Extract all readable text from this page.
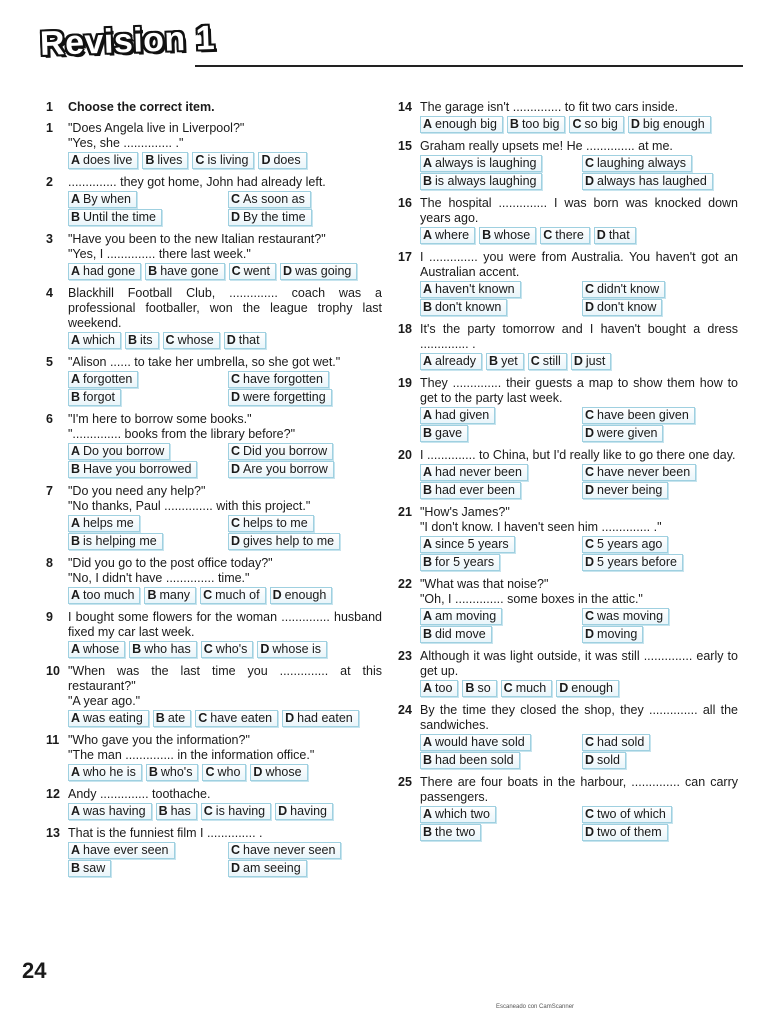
Revision 1
1	Choose the correct item.
1	"Does Angela live in Liverpool?"
"Yes, she .............. ."
A does live	B lives	C is living	D does
2	.............. they got home, John had already left.
A By when	C As soon as
B Until the time	D By the time
3	"Have you been to the new Italian restaurant?"
"Yes, I .............. there last week."
A had gone	B have gone	C went	D was going
4	Blackhill Football Club, .............. coach was a professional footballer, won the league trophy last weekend.
A which	B its	C whose	D that
5	"Alison ...... to take her umbrella, so she got wet."
A forgotten	C have forgotten
B forgot	D were forgetting
6	"I'm here to borrow some books."
".............. books from the library before?"
A Do you borrow	C Did you borrow
B Have you borrowed	D Are you borrow
7	"Do you need any help?"
"No thanks, Paul .............. with this project."
A helps me	C helps to me
B is helping me	D gives help to me
8	"Did you go to the post office today?"
"No, I didn't have .............. time."
A too much	B many	C much of	D enough
9	I bought some flowers for the woman .............. husband fixed my car last week.
A whose	B who has	C who's	D whose is
10 "When was the last time you .............. at this restaurant?"
"A year ago."
A was eating	B ate	C have eaten	D had eaten
11 "Who gave you the information?"
"The man .............. in the information office."
A who he is	B who's	C who	D whose
12 Andy .............. toothache.
A was having	B has	C is having	D having
13 That is the funniest film I .............. .
A have ever seen	C have never seen
B saw	D am seeing
14 The garage isn't .............. to fit two cars inside.
A enough big	B too big	C so big	D big enough
15 Graham really upsets me! He .............. at me.
A always is laughing	C laughing always
B is always laughing	D always has laughed
16 The hospital .............. I was born was knocked down years ago.
A where	B whose	C there	D that
17 I .............. you were from Australia. You haven't got an Australian accent.
A haven't known	C didn't know
B don't known	D don't know
18 It's the party tomorrow and I haven't bought a dress .............. .
A already	B yet	C still	D just
19 They .............. their guests a map to show them how to get to the party last week.
A had given	C have been given
B gave	D were given
20 I .............. to China, but I'd really like to go there one day.
A had never been	C have never been
B had ever been	D never being
21 "How's James?"
"I don't know. I haven't seen him .............. ."
A since 5 years	C 5 years ago
B for 5 years	D 5 years before
22 "What was that noise?"
"Oh, I .............. some boxes in the attic."
A am moving	C was moving
B did move	D moving
23 Although it was light outside, it was still .............. early to get up.
A too	B so	C much	D enough
24 By the time they closed the shop, they .............. all the sandwiches.
A would have sold	C had sold
B had been sold	D sold
25 There are four boats in the harbour, .............. can carry passengers.
A which two	C two of which
B the two	D two of them
24
Escaneado con CamScanner
